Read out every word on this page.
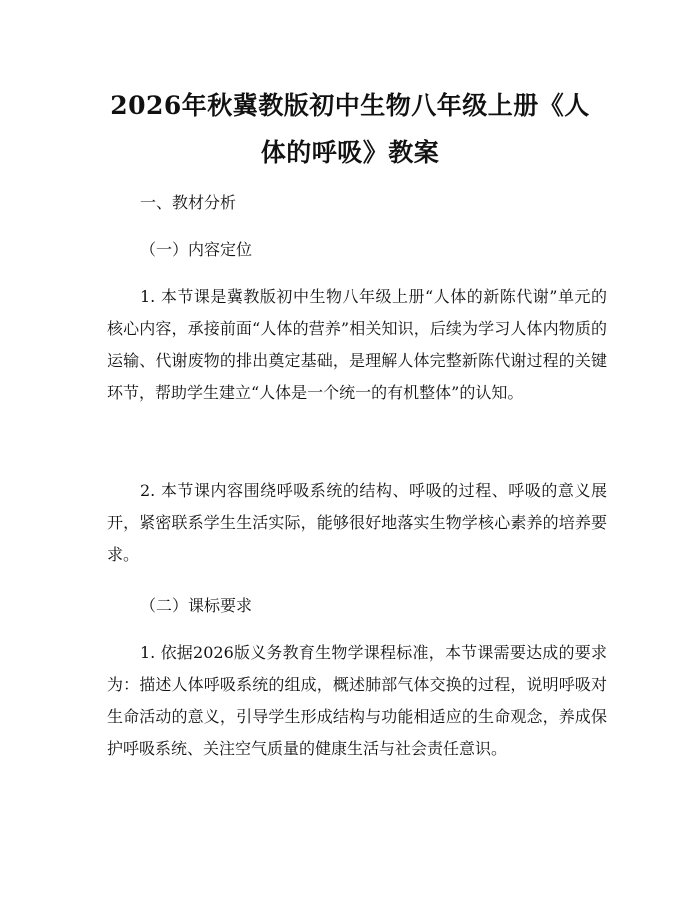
2026年秋冀教版初中生物八年级上册《人体的呼吸》教案
一、教材分析
（一）内容定位

1. 本节课是冀教版初中生物八年级上册“人体的新陈代谢”单元的核心内容，承接前面“人体的营养”相关知识，后续为学习人体内物质的运输、代谢废物的排出奠定基础，是理解人体完整新陈代谢过程的关键环节，帮助学生建立“人体是一个统一的有机整体”的认知。

2. 本节课内容围绕呼吸系统的结构、呼吸的过程、呼吸的意义展开，紧密联系学生生活实际，能够很好地落实生物学核心素养的培养要求。

（二）课标要求

1. 依据2026版义务教育生物学课程标准，本节课需要达成的要求为：描述人体呼吸系统的组成，概述肺部气体交换的过程，说明呼吸对生命活动的意义，引导学生形成结构与功能相适应的生命观念，养成保护呼吸系统、关注空气质量的健康生活与社会责任意识。
